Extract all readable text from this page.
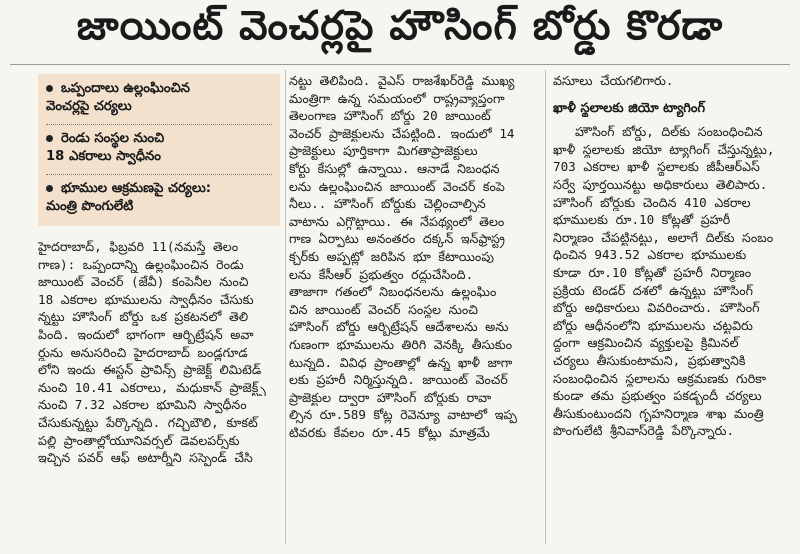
జాయింట్ వెంచర్లపై హౌసింగ్ బోర్డు కొరడా
ఒప్పందాలు ఉల్లంఘించిన
వెంచర్లపై చర్యలు
రెండు సంస్థల నుంచి
18 ఎకరాలు స్వాధీనం
భూముల ఆక్రమణపై చర్యలు:
మంత్రి పొంగులేటి
హైదరాబాద్, ఫిబ్రవరి 11(నమస్తే తెలం
గాణ): ఒప్పందాన్ని ఉల్లంఘించిన రెండు
జాయింట్ వెంచర్ (జేవీ) కంపెనీల నుంచి
18 ఎకరాల భూములను స్వాధీనం చేసుకు
న్నట్టు హౌసింగ్ బోర్డు ఒక ప్రకటనలో తెలి
పింది. ఇందులో భాగంగా ఆర్బిట్రేషన్ అవా
ర్డును అనుసరించి హైదరాబాద్ బండ్లగూడ
లోని ఇందు ఈస్టన్ ప్రావిన్స్ ప్రాజెక్ట్ లిమిటెడ్
నుంచి 10.41 ఎకరాలు, మధుకాన్ ప్రాజెక్ట్స్
నుంచి 7.32 ఎకరాల భూమిని స్వాధీనం
చేసుకున్నట్టు పేర్కొన్నది. గచ్చిబౌలి, కూకట్
పల్లి ప్రాంతాల్లోయూనివర్సల్ డెవలపర్స్‌కు
ఇచ్చిన పవర్ ఆఫ్ అటార్నీని సస్పెండ్ చేసి
నట్టు తెలిపింది. వైఎస్ రాజశేఖర్‌రెడ్డి ముఖ్య
మంత్రిగా ఉన్న సమయంలో రాష్ట్రవ్యాప్తంగా
తెలంగాణ హౌసింగ్ బోర్డు 20 జాయింట్
వెంచర్ ప్రాజెక్టులను చేపట్టింది. ఇందులో 14
ప్రాజెక్టులు పూర్తికాగా మిగతాప్రాజెక్టులు
కోర్టు కేసుల్లో ఉన్నాయి. ఆనాడే నిబంధన
లను ఉల్లంఘించిన జాయింట్ వెంచర్ కంపె
నీలు.. హౌసింగ్ బోర్డుకు చెల్లించాల్సిన
వాటాను ఎగ్గొట్టాయి. ఈ నేపథ్యంలో తెలం
గాణ ఏర్పాటు అనంతరం దక్కన్ ఇన్‌ఫ్రాస్ట్ర
క్చర్‌కు అప్పట్లో జరిపిన భూ కేటాయింపు
లను కేసీఆర్ ప్రభుత్వం రద్దుచేసింది.
తాజాగా గతంలో నిబంధనలను ఉల్లంఘిం
చిన జాయింట్ వెంచర్ సంస్థల నుంచి
హౌసింగ్ బోర్డు ఆర్బిట్రేషన్ ఆదేశాలను అను
గుణంగా భూములను తిరిగి వెనక్కి తీసుకుం
టున్నది. వివిధ ప్రాంతాల్లో ఉన్న ఖాళీ జాగా
లకు ప్రహరీ నిర్మిస్తున్నది. జాయింట్ వెంచర్
ప్రాజెక్టుల ద్వారా హౌసింగ్ బోర్డుకు రావా
ల్సిన రూ.589 కోట్ల రెవెన్యూ వాటాలో ఇప్ప
టివరకు కేవలం రూ.45 కోట్లు మాత్రమే
వసూలు చేయగలిగారు.
ఖాళీ స్థలాలకు జియో ట్యాగింగ్
హౌసింగ్ బోర్డు, దిల్‌కు సంబంధించిన
ఖాళీ స్థలాలకు జియో ట్యాగింగ్ చేస్తున్నట్టు,
703 ఎకరాల ఖాళీ స్థలాలకు జీపీఆర్‌ఎస్
సర్వే పూర్తయినట్టు అధికారులు తెలిపారు.
హౌసింగ్ బోర్డుకు చెందిన 410 ఎకరాల
భూములకు రూ.10 కోట్లతో ప్రహరీ
నిర్మాణం చేపట్టినట్టు, అలాగే దిల్‌కు సంబం
ధించిన 943.52 ఎకరాల భూములకు
కూడా రూ.10 కోట్లతో ప్రహరీ నిర్మాణం
ప్రక్రియ టెండర్ దశలో ఉన్నట్టు హౌసింగ్
బోర్డు అధికారులు వివరించారు. హౌసింగ్
బోర్డు ఆధీనంలోని భూములను చట్టవిరు
ద్ధంగా ఆక్రమించిన వ్యక్తులపై క్రిమినల్
చర్యలు తీసుకుంటామని, ప్రభుత్వానికి
సంబంధించిన స్థలాలను ఆక్రమణకు గురికా
కుండా తమ ప్రభుత్వం పకడ్బందీ చర్యలు
తీసుకుంటుందని గృహనిర్మాణ శాఖ మంత్రి
పొంగులేటి శ్రీనివాస్‌రెడ్డి పేర్కొన్నారు.
